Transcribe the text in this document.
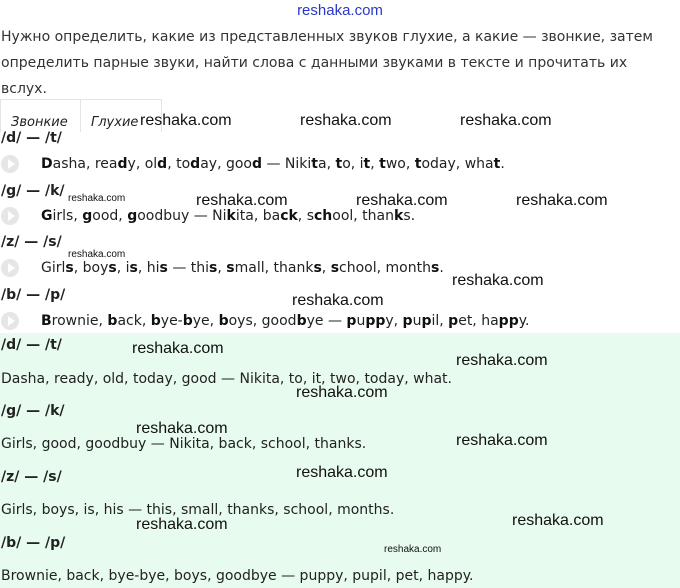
reshaka.com
Нужно определить, какие из представленных звуков глухие, а какие — звонкие, затем определить парные звуки, найти слова с данными звуками в тексте и прочитать их вслух.
Звонкие	Глухие
/d/ — /t/
Dasha, ready, old, today, good — Nikita, to, it, two, today, what.
/g/ — /k/
Girls, good, goodbuy — Nikita, back, school, thanks.
/z/ — /s/
Girls, boys, is, his — this, small, thanks, school, months.
/b/ — /p/
Brownie, back, bye-bye, boys, goodbye — puppy, pupil, pet, happy.
/d/ — /t/
Dasha, ready, old, today, good — Nikita, to, it, two, today, what.
/g/ — /k/
Girls, good, goodbuy — Nikita, back, school, thanks.
/z/ — /s/
Girls, boys, is, his — this, small, thanks, school, months.
/b/ — /p/
Brownie, back, bye-bye, boys, goodbye — puppy, pupil, pet, happy.
reshaka.com	reshaka.com	reshaka.com
reshaka.com	reshaka.com	reshaka.com	reshaka.com
reshaka.com
reshaka.com
reshaka.com
reshaka.com
reshaka.com
reshaka.com
reshaka.com
reshaka.com
reshaka.com
reshaka.com
reshaka.com
reshaka.com
